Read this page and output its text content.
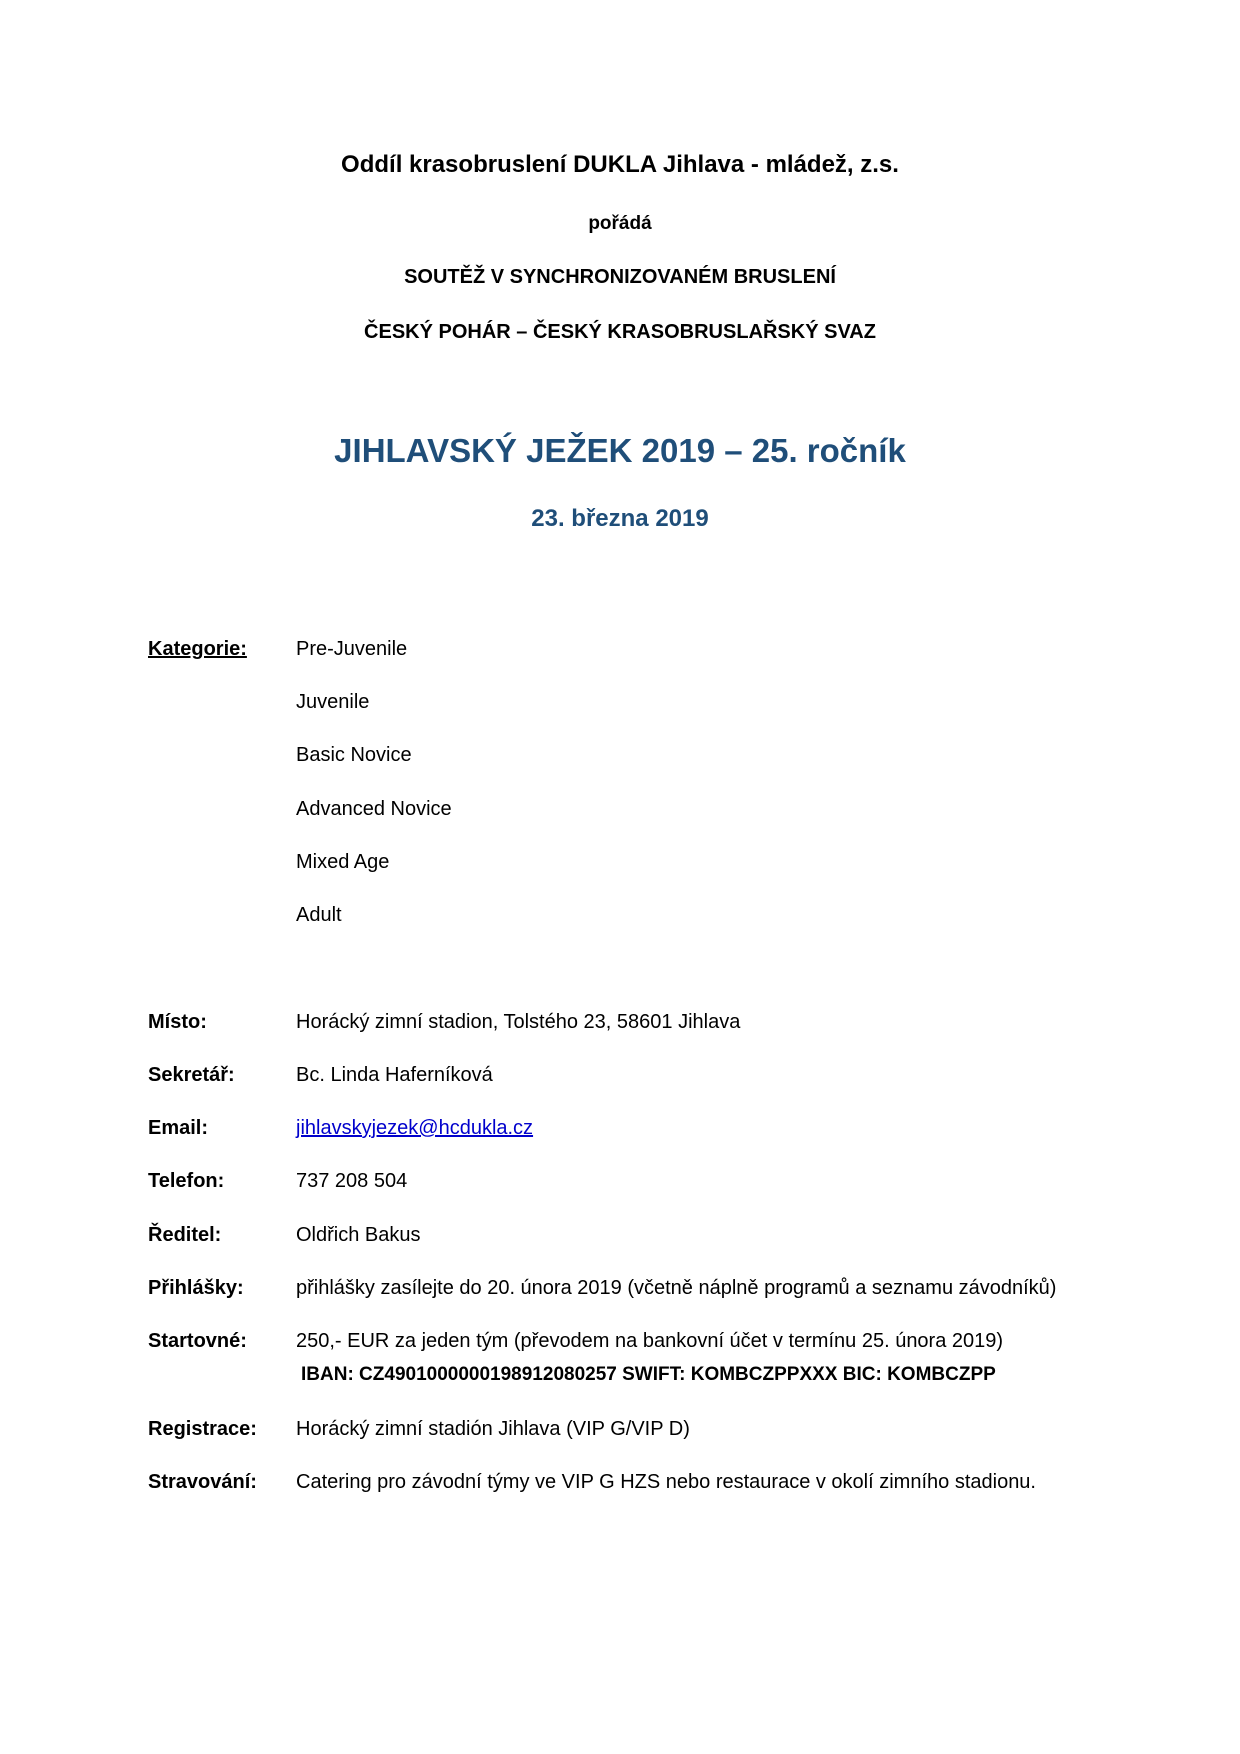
Oddíl krasobruslení DUKLA Jihlava - mládež, z.s.
pořádá
SOUTĚŽ V SYNCHRONIZOVANÉM BRUSLENÍ
ČESKÝ POHÁR – ČESKÝ KRASOBRUSLAŘSKÝ SVAZ
JIHLAVSKÝ JEŽEK 2019 – 25. ročník
23. března 2019
Kategorie: Pre-Juvenile
Juvenile
Basic Novice
Advanced Novice
Mixed Age
Adult
Místo:	Horácký zimní stadion, Tolstého 23, 58601 Jihlava
Sekretář:	Bc. Linda Haferníková
Email:	jihlavskyjezek@hcdukla.cz
Telefon:	737 208 504
Ředitel:	Oldřich Bakus
Přihlášky:	přihlášky zasílejte do 20. února 2019 (včetně náplně programů a seznamu závodníků)
Startovné: 250,- EUR za jeden tým (převodem na bankovní účet v termínu 25. února 2019)
IBAN: CZ4901000000198912080257 SWIFT: KOMBCZPPXXX BIC: KOMBCZPP
Registrace: Horácký zimní stadión Jihlava (VIP G/VIP D)
Stravování: Catering pro závodní týmy ve VIP G HZS nebo restaurace v okolí zimního stadionu.
